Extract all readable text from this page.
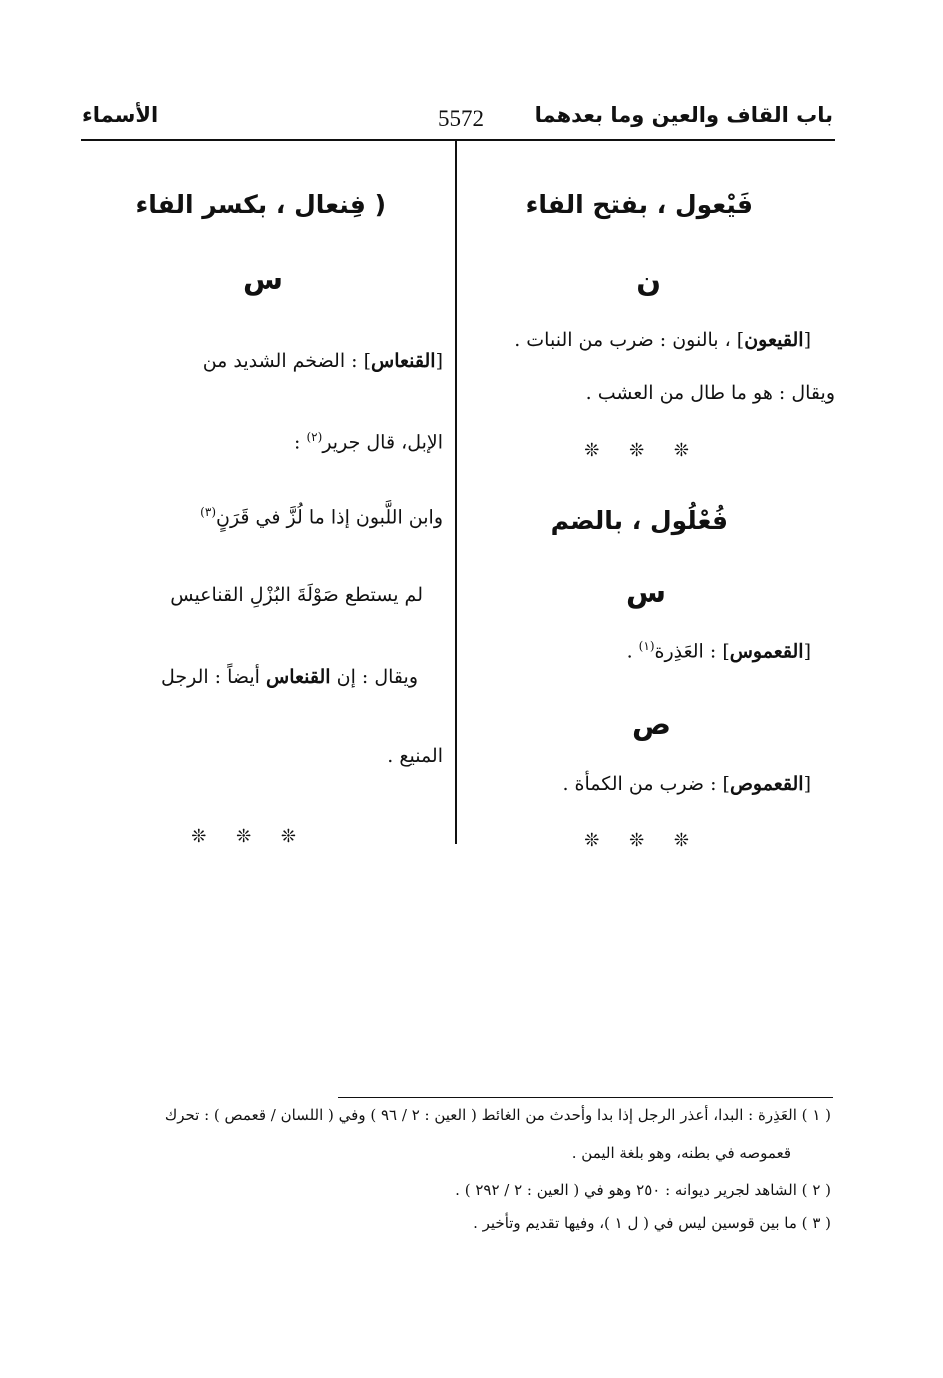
باب القاف والعين وما بعدهما
5572
الأسماء
فَيْعول ، بفتح الفاء
ن
[القيعون] ، بالنون : ضرب من النبات .
ويقال : هو ما طال من العشب .
❊ ❊ ❊
فُعْلُول ، بالضم
س
[القعموس] : العَذِرة$^{(١)}$ .
ص
[القعموص] : ضرب من الكمأة .
❊ ❊ ❊
( فِنعال ، بكسر الفاء
س
[القنعاس] : الضخم الشديد من
الإبل، قال جرير$^{(٢)}$ :
وابن اللَّبون إذا ما لُزَّ في قَرَنٍ$^{(٣)}$
لم يستطع صَوْلَةَ البُزْلِ القناعيس
ويقال : إن القنعاس أيضاً : الرجل
المنيع .
❊ ❊ ❊
( ١ ) العَذِرة : البدا، أعذر الرجل إذا بدا وأحدث من الغائط ( العين : ٢ / ٩٦ ) وفي ( اللسان / قعمص ) : تحرك
قعموصه في بطنه، وهو بلغة اليمن .
( ٢ ) الشاهد لجرير ديوانه : ٢٥٠ وهو في ( العين : ٢ / ٢٩٢ ) .
( ٣ ) ما بين قوسين ليس في ( ل ١ )، وفيها تقديم وتأخير .
